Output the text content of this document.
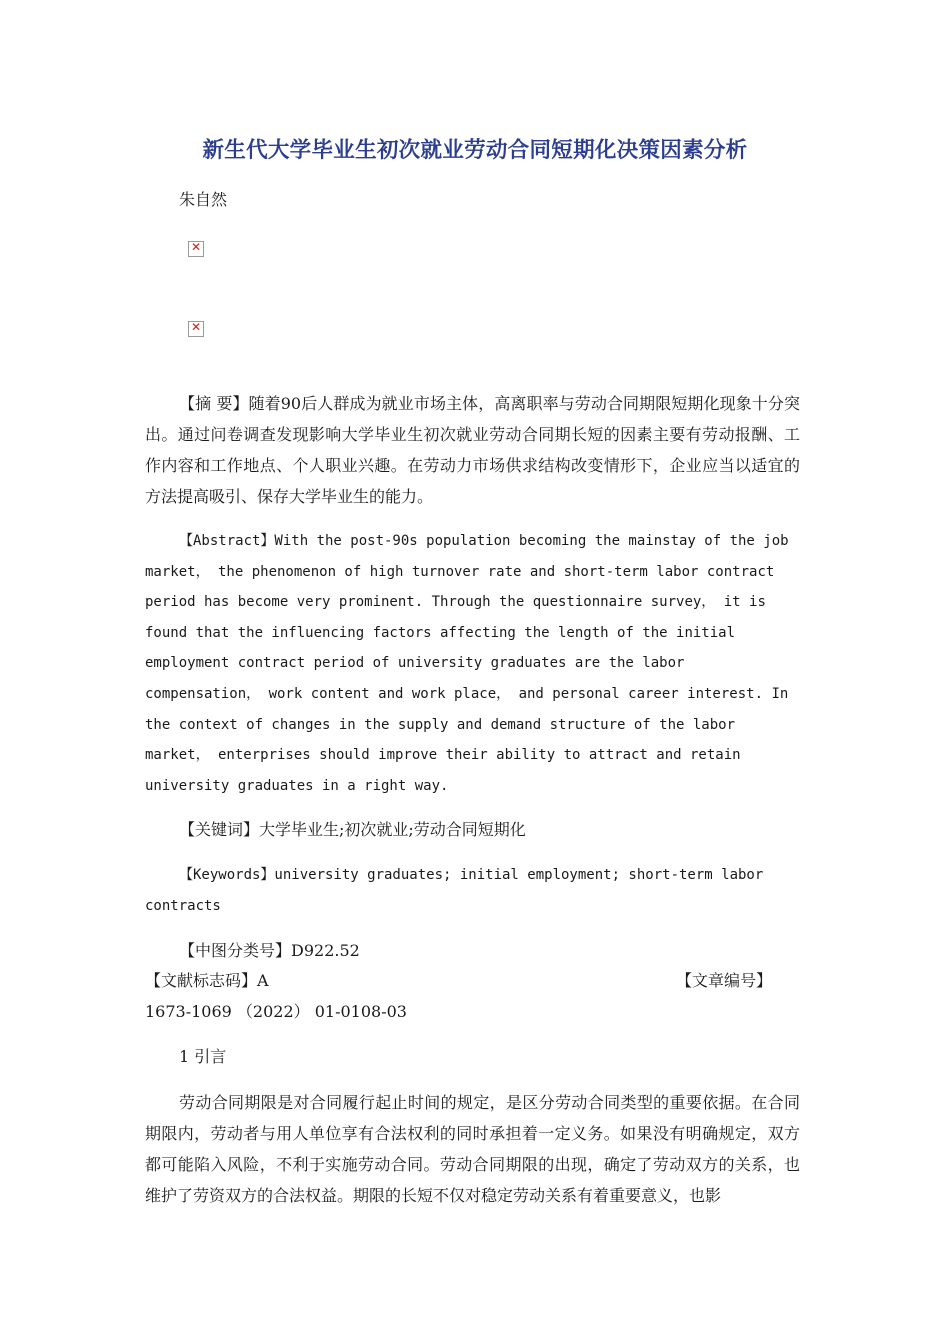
新生代大学毕业生初次就业劳动合同短期化决策因素分析
朱自然
✕
✕

【摘 要】随着90后人群成为就业市场主体，高离职率与劳动合同期限短期化现象十分突出。通过问卷调查发现影响大学毕业生初次就业劳动合同期长短的因素主要有劳动报酬、工作内容和工作地点、个人职业兴趣。在劳动力市场供求结构改变情形下，企业应当以适宜的方法提高吸引、保存大学毕业生的能力。

【Abstract】With the post-90s population becoming the mainstay of the job market， the phenomenon of high turnover rate and short-term labor contract period has become very prominent. Through the questionnaire survey， it is found that the influencing factors affecting the length of the initial employment contract period of university graduates are the labor compensation， work content and work place， and personal career interest. In the context of changes in the supply and demand structure of the labor market， enterprises should improve their ability to attract and retain university graduates in a right way.

【关键词】大学毕业生;初次就业;劳动合同短期化

【Keywords】university graduates; initial employment; short-term labor contracts

【中图分类号】D922.52

【文献标志码】A	【文章编号】

1673-1069 （2022） 01-0108-03

1 引言

劳动合同期限是对合同履行起止时间的规定，是区分劳动合同类型的重要依据。在合同期限内，劳动者与用人单位享有合法权利的同时承担着一定义务。如果没有明确规定，双方都可能陷入风险，不利于实施劳动合同。劳动合同期限的出现，确定了劳动双方的关系，也维护了劳资双方的合法权益。期限的长短不仅对稳定劳动关系有着重要意义，也影
